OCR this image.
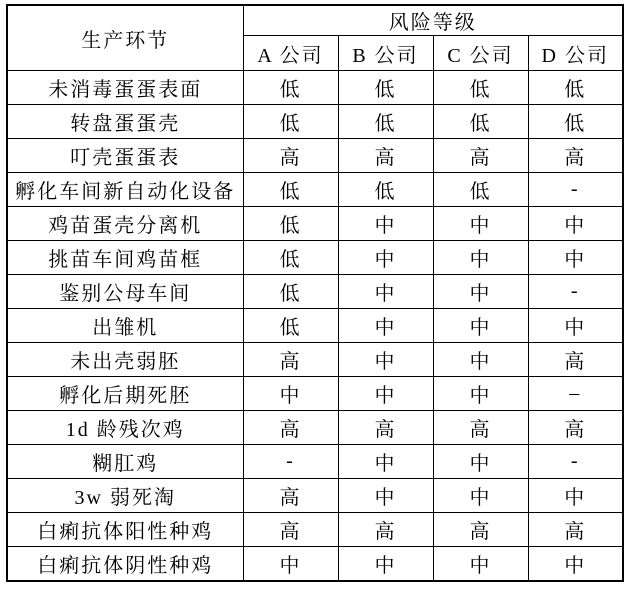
生产环节	风险等级			
	A 公司	B 公司	C 公司	D 公司
未消毒蛋蛋表面	低	低	低	低
转盘蛋蛋壳	低	低	低	低
叮壳蛋蛋表	高	高	高	高
孵化车间新自动化设备	低	低	低	-
鸡苗蛋壳分离机	低	中	中	中
挑苗车间鸡苗框	低	中	中	中
鉴别公母车间	低	中	中	-
出雏机	低	中	中	中
未出壳弱胚	高	中	中	高
孵化后期死胚	中	中	中	–
1d 龄残次鸡	高	高	高	高
糊肛鸡	-	中	中	-
3w 弱死淘	高	中	中	中
白痢抗体阳性种鸡	高	高	高	高
白痢抗体阴性种鸡	中	中	中	中
